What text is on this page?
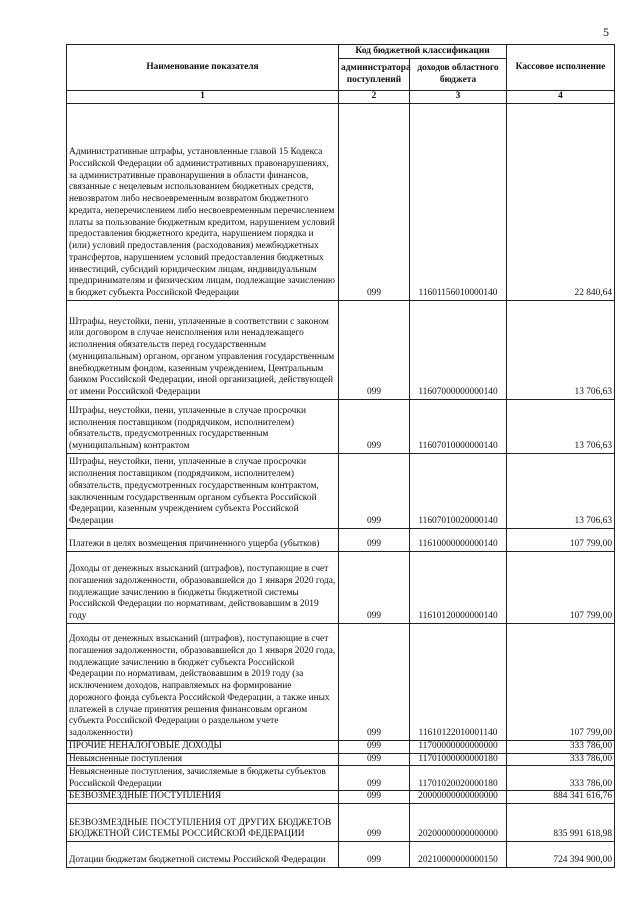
5
Наименование показателя	Код бюджетной классификации		Кассовое исполнение
	администратора поступлений	доходов областного бюджета	
1	2	3	4
Административные штрафы, установленные главой 15 Кодекса Российской Федерации об административных правонарушениях, за административные правонарушения в области финансов, связанные с нецелевым использованием бюджетных средств, невозвратом либо несвоевременным возвратом бюджетного кредита, неперечислением либо несвоевременным перечислением платы за пользование бюджетным кредитом, нарушением условий предоставления бюджетного кредита, нарушением порядка и (или) условий предоставления (расходования) межбюджетных трансфертов, нарушением условий предоставления бюджетных инвестиций, субсидий юридическим лицам, индивидуальным предпринимателям и физическим лицам, подлежащие зачислению в бюджет субъекта Российской Федерации	099	11601156010000140	22 840,64
Штрафы, неустойки, пени, уплаченные в соответствии с законом или договором в случае неисполнения или ненадлежащего исполнения обязательств перед государственным (муниципальным) органом, органом управления государственным внебюджетным фондом, казенным учреждением, Центральным банком Российской Федерации, иной организацией, действующей от имени Российской Федерации	099	11607000000000140	13 706,63
Штрафы, неустойки, пени, уплаченные в случае просрочки исполнения поставщиком (подрядчиком, исполнителем) обязательств, предусмотренных государственным (муниципальным) контрактом	099	11607010000000140	13 706,63
Штрафы, неустойки, пени, уплаченные в случае просрочки исполнения поставщиком (подрядчиком, исполнителем) обязательств, предусмотренных государственным контрактом, заключенным государственным органом субъекта Российской Федерации, казенным учреждением субъекта Российской Федерации	099	11607010020000140	13 706,63
Платежи в целях возмещения причиненного ущерба (убытков)	099	11610000000000140	107 799,00
Доходы от денежных взысканий (штрафов), поступающие в счет погашения задолженности, образовавшейся до 1 января 2020 года, подлежащие зачислению в бюджеты бюджетной системы Российской Федерации по нормативам, действовавшим в 2019 году	099	11610120000000140	107 799,00
Доходы от денежных взысканий (штрафов), поступающие в счет погашения задолженности, образовавшейся до 1 января 2020 года, подлежащие зачислению в бюджет субъекта Российской Федерации по нормативам, действовавшим в 2019 году (за исключением доходов, направляемых на формирование дорожного фонда субъекта Российской Федерации, а также иных платежей в случае принятия решения финансовым органом субъекта Российской Федерации о раздельном учете задолженности)	099	11610122010001140	107 799,00
ПРОЧИЕ НЕНАЛОГОВЫЕ ДОХОДЫ	099	11700000000000000	333 786,00
Невыясненные поступления	099	11701000000000180	333 786,00
Невыясненные поступления, зачисляемые в бюджеты субъектов Российской Федерации	099	11701020020000180	333 786,00
БЕЗВОЗМЕЗДНЫЕ ПОСТУПЛЕНИЯ	099	20000000000000000	884 341 616,76
БЕЗВОЗМЕЗДНЫЕ ПОСТУПЛЕНИЯ ОТ ДРУГИХ БЮДЖЕТОВ БЮДЖЕТНОЙ СИСТЕМЫ РОССИЙСКОЙ ФЕДЕРАЦИИ	099	20200000000000000	835 991 618,98
Дотации бюджетам бюджетной системы Российской Федерации	099	20210000000000150	724 394 900,00
